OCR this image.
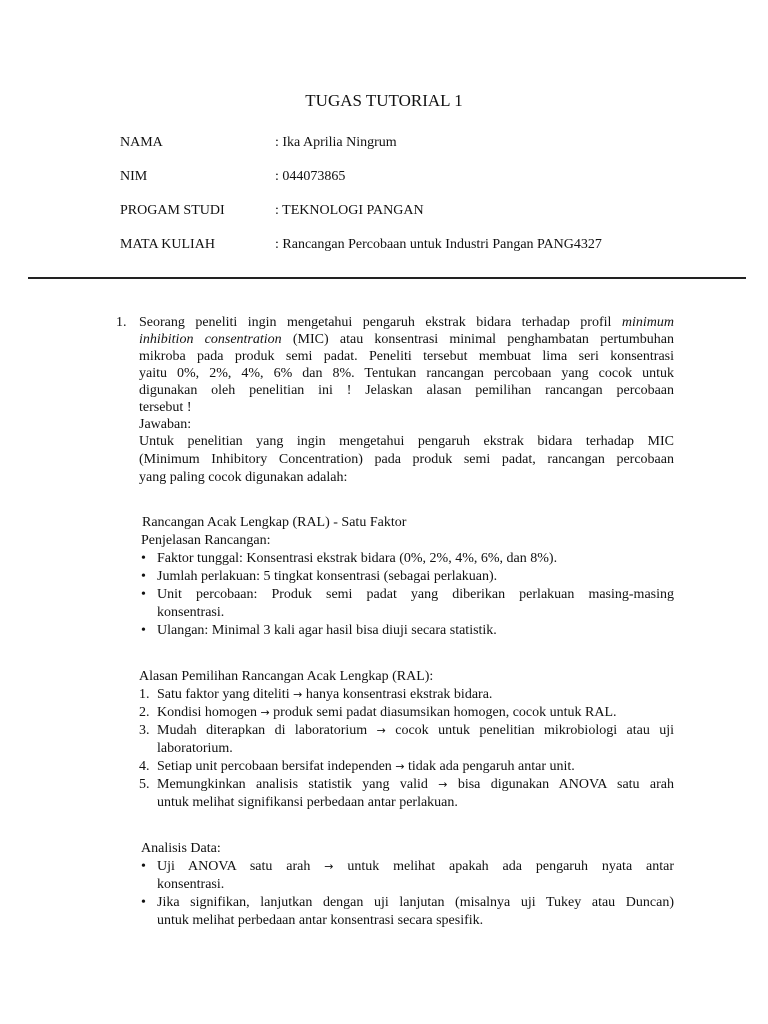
TUGAS TUTORIAL 1
NAMA	: Ika Aprilia Ningrum
NIM	: 044073865
PROGAM STUDI	: TEKNOLOGI PANGAN
MATA KULIAH	: Rancangan Percobaan untuk Industri Pangan PANG4327
1. Seorang peneliti ingin mengetahui pengaruh ekstrak bidara terhadap profil minimum
inhibition consentration (MIC) atau konsentrasi minimal penghambatan pertumbuhan
mikroba pada produk semi padat. Peneliti tersebut membuat lima seri konsentrasi
yaitu 0%, 2%, 4%, 6% dan 8%. Tentukan rancangan percobaan yang cocok untuk
digunakan oleh penelitian ini ! Jelaskan alasan pemilihan rancangan percobaan
tersebut !
Jawaban:
Untuk penelitian yang ingin mengetahui pengaruh ekstrak bidara terhadap MIC
(Minimum Inhibitory Concentration) pada produk semi padat, rancangan percobaan
yang paling cocok digunakan adalah:
Rancangan Acak Lengkap (RAL) - Satu Faktor
Penjelasan Rancangan:
• Faktor tunggal: Konsentrasi ekstrak bidara (0%, 2%, 4%, 6%, dan 8%).
• Jumlah perlakuan: 5 tingkat konsentrasi (sebagai perlakuan).
• Unit percobaan: Produk semi padat yang diberikan perlakuan masing-masing
konsentrasi.
• Ulangan: Minimal 3 kali agar hasil bisa diuji secara statistik.
Alasan Pemilihan Rancangan Acak Lengkap (RAL):
1. Satu faktor yang diteliti → hanya konsentrasi ekstrak bidara.
2. Kondisi homogen → produk semi padat diasumsikan homogen, cocok untuk RAL.
3. Mudah diterapkan di laboratorium → cocok untuk penelitian mikrobiologi atau uji
laboratorium.
4. Setiap unit percobaan bersifat independen → tidak ada pengaruh antar unit.
5. Memungkinkan analisis statistik yang valid → bisa digunakan ANOVA satu arah
untuk melihat signifikansi perbedaan antar perlakuan.
Analisis Data:
• Uji ANOVA satu arah → untuk melihat apakah ada pengaruh nyata antar
konsentrasi.
• Jika signifikan, lanjutkan dengan uji lanjutan (misalnya uji Tukey atau Duncan)
untuk melihat perbedaan antar konsentrasi secara spesifik.
